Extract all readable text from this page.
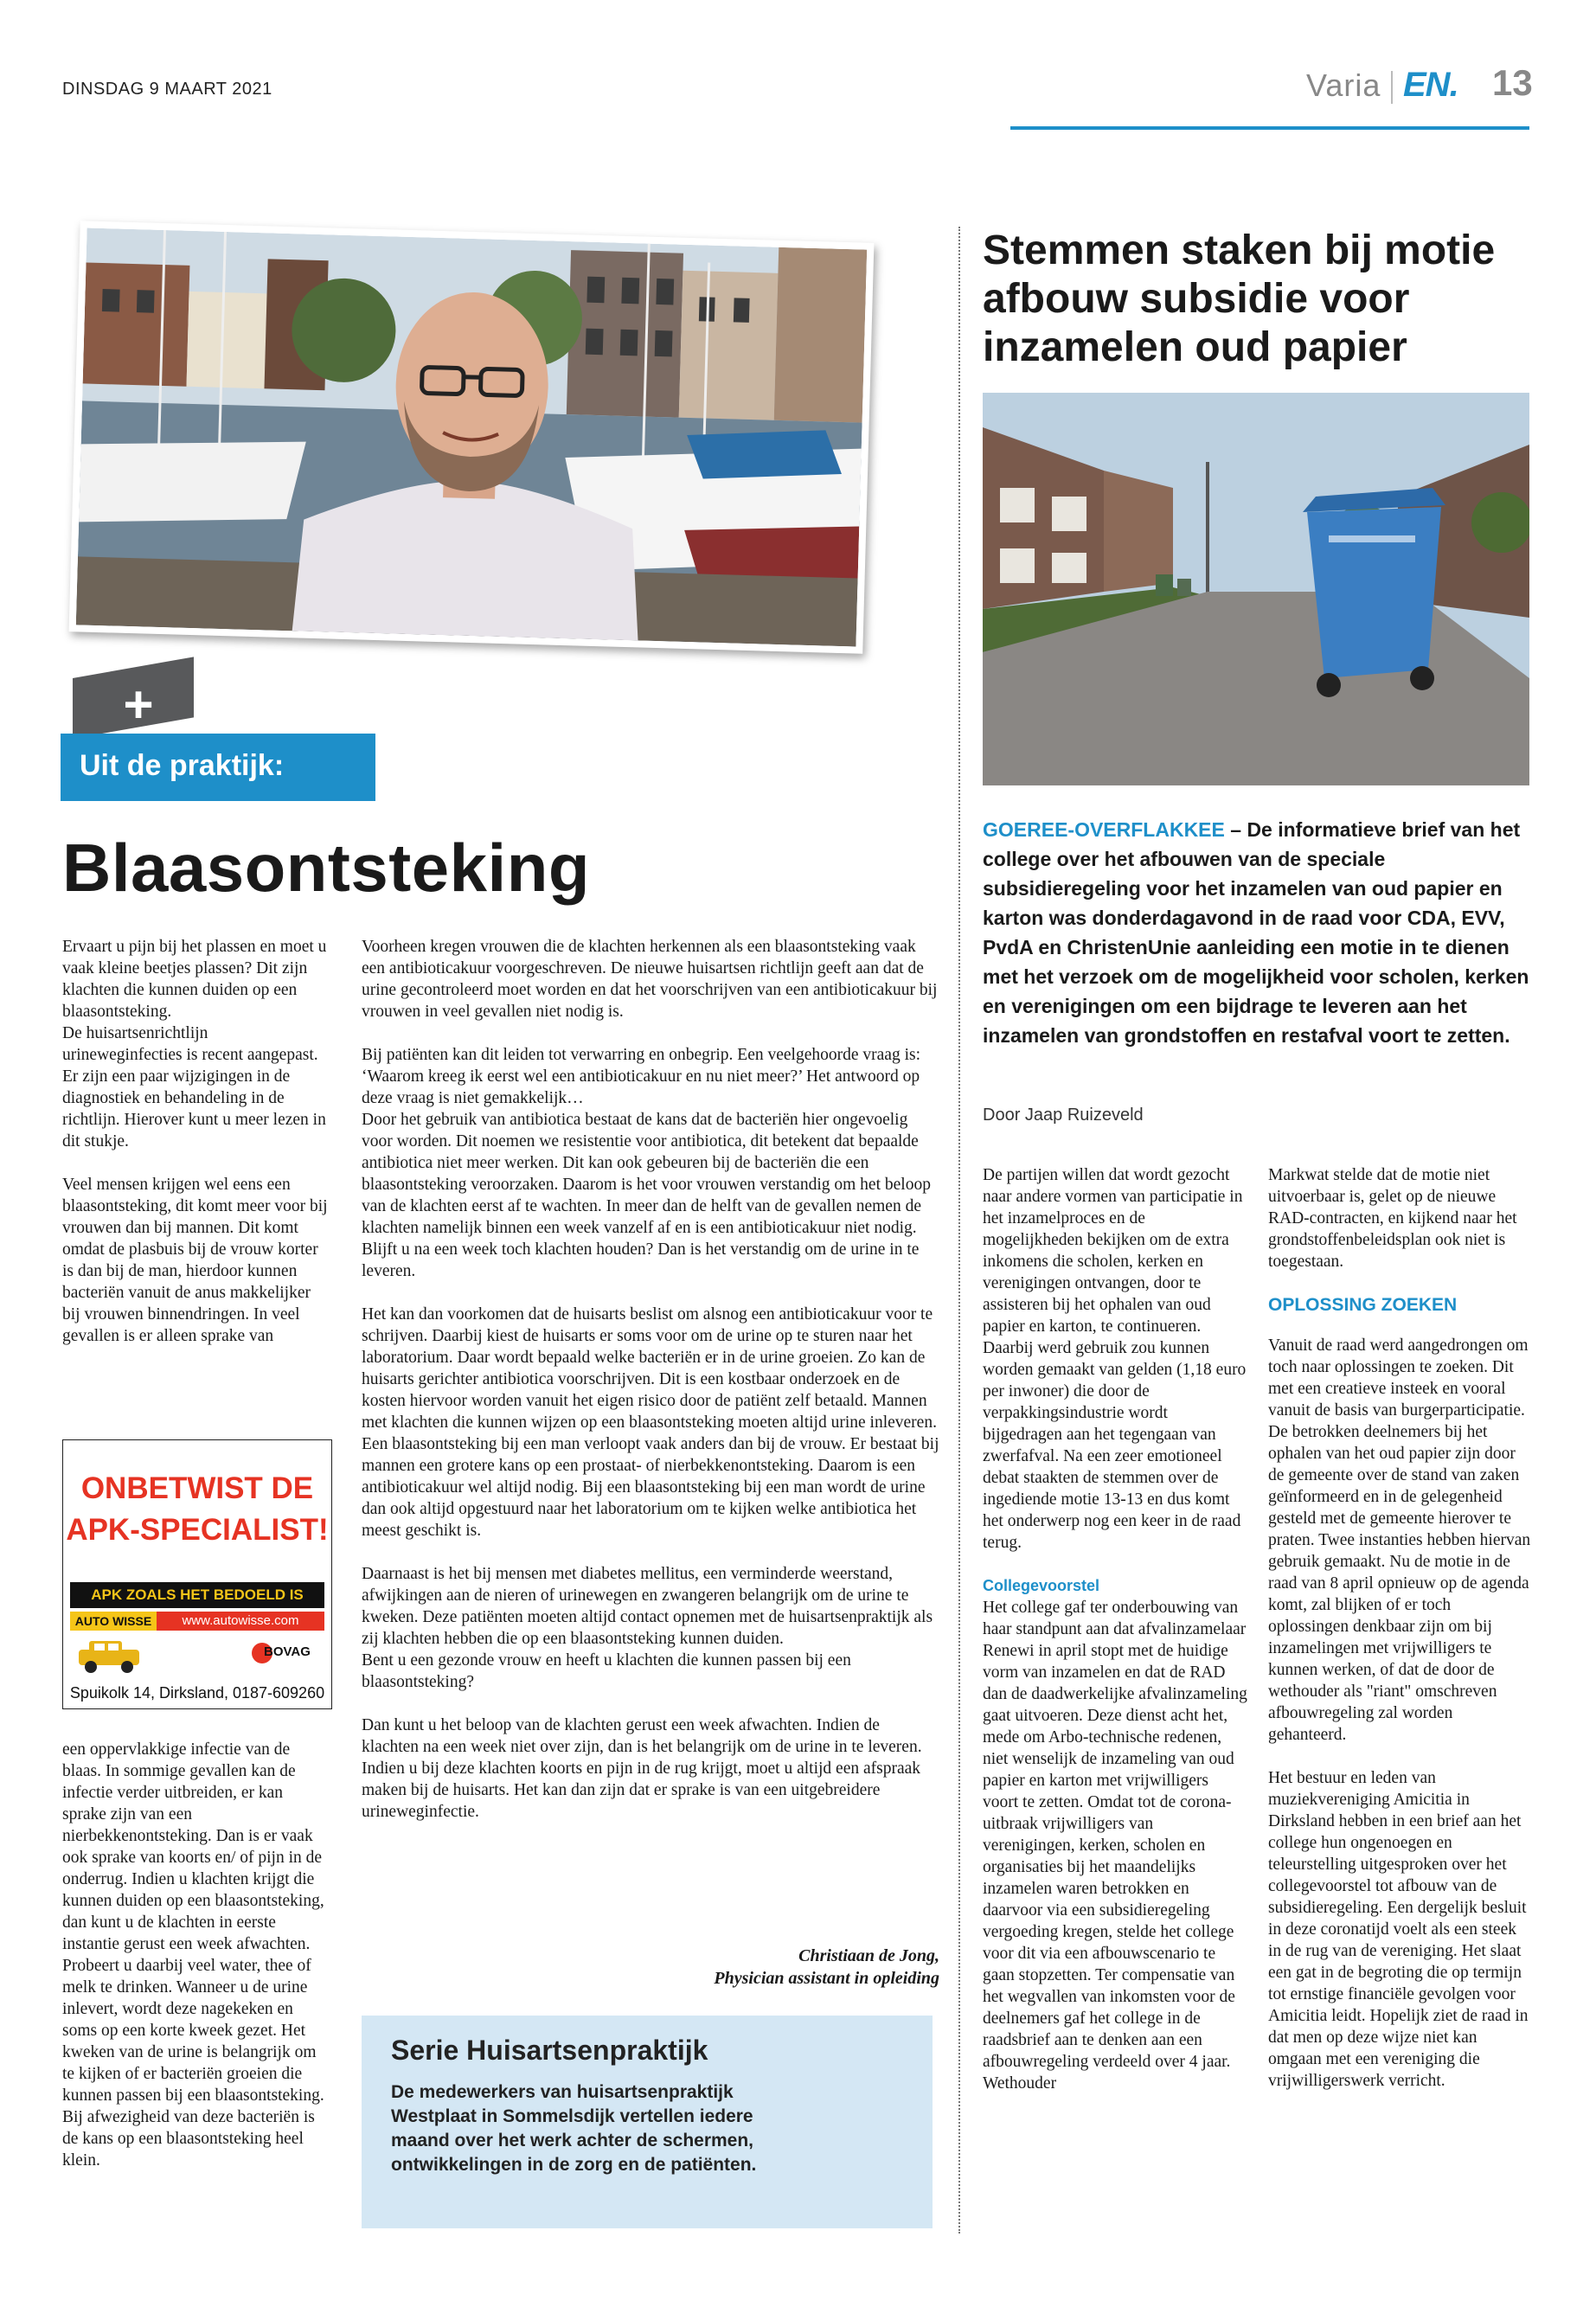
DINSDAG 9 MAART 2021	Varia EN. 13
+
Uit de praktijk:
Blaasontsteking

Ervaart u pijn bij het plassen en moet u vaak kleine beetjes plassen? Dit zijn klachten die kunnen duiden op een blaasontsteking.

De huisartsenrichtlijn urineweginfecties is recent aangepast. Er zijn een paar wijzigingen in de diagnostiek en behandeling in de richtlijn. Hierover kunt u meer lezen in dit stukje.

Veel mensen krijgen wel eens een blaasontsteking, dit komt meer voor bij vrouwen dan bij mannen. Dit komt omdat de plasbuis bij de vrouw korter is dan bij de man, hierdoor kunnen bacteriën vanuit de anus makkelijker bij vrouwen binnendringen. In veel gevallen is er alleen sprake van

ONBETWIST DE
APK-SPECIALIST!
APK ZOALS HET BEDOELD IS
AUTO WISSE	www.autowisse.com
BOVAG
Spuikolk 14, Dirksland, 0187-609260

een oppervlakkige infectie van de blaas. In sommige gevallen kan de infectie verder uitbreiden, er kan sprake zijn van een nierbekkenontsteking. Dan is er vaak ook sprake van koorts en/ of pijn in de onderrug. Indien u klachten krijgt die kunnen duiden op een blaasontsteking, dan kunt u de klachten in eerste instantie gerust een week afwachten. Probeert u daarbij veel water, thee of melk te drinken. Wanneer u de urine inlevert, wordt deze nagekeken en soms op een korte kweek gezet. Het kweken van de urine is belangrijk om te kijken of er bacteriën groeien die kunnen passen bij een blaasontsteking. Bij afwezigheid van deze bacteriën is de kans op een blaasontsteking heel klein.

Voorheen kregen vrouwen die de klachten herkennen als een blaasontsteking vaak een antibioticakuur voorgeschreven. De nieuwe huisartsen richtlijn geeft aan dat de urine gecontroleerd moet worden en dat het voorschrijven van een antibioticakuur bij vrouwen in veel gevallen niet nodig is.

Bij patiënten kan dit leiden tot verwarring en onbegrip. Een veelgehoorde vraag is: ‘Waarom kreeg ik eerst wel een antibioticakuur en nu niet meer?’ Het antwoord op deze vraag is niet gemakkelijk…

Door het gebruik van antibiotica bestaat de kans dat de bacteriën hier ongevoelig voor worden. Dit noemen we resistentie voor antibiotica, dit betekent dat bepaalde antibiotica niet meer werken. Dit kan ook gebeuren bij de bacteriën die een blaasontsteking veroorzaken. Daarom is het voor vrouwen verstandig om het beloop van de klachten eerst af te wachten. In meer dan de helft van de gevallen nemen de klachten namelijk binnen een week vanzelf af en is een antibioticakuur niet nodig. Blijft u na een week toch klachten houden? Dan is het verstandig om de urine in te leveren.

Het kan dan voorkomen dat de huisarts beslist om alsnog een antibioticakuur voor te schrijven. Daarbij kiest de huisarts er soms voor om de urine op te sturen naar het laboratorium. Daar wordt bepaald welke bacteriën er in de urine groeien. Zo kan de huisarts gerichter antibiotica voorschrijven. Dit is een kostbaar onderzoek en de kosten hiervoor worden vanuit het eigen risico door de patiënt zelf betaald. Mannen met klachten die kunnen wijzen op een blaasontsteking moeten altijd urine inleveren. Een blaasontsteking bij een man verloopt vaak anders dan bij de vrouw. Er bestaat bij mannen een grotere kans op een prostaat- of nierbekkenontsteking. Daarom is een antibioticakuur wel altijd nodig. Bij een blaasontsteking bij een man wordt de urine dan ook altijd opgestuurd naar het laboratorium om te kijken welke antibiotica het meest geschikt is.

Daarnaast is het bij mensen met diabetes mellitus, een verminderde weerstand, afwijkingen aan de nieren of urinewegen en zwangeren belangrijk om de urine te kweken. Deze patiënten moeten altijd contact opnemen met de huisartsenpraktijk als zij klachten hebben die op een blaasontsteking kunnen duiden.

Bent u een gezonde vrouw en heeft u klachten die kunnen passen bij een blaasontsteking?

Dan kunt u het beloop van de klachten gerust een week afwachten. Indien de klachten na een week niet over zijn, dan is het belangrijk om de urine in te leveren. Indien u bij deze klachten koorts en pijn in de rug krijgt, moet u altijd een afspraak maken bij de huisarts. Het kan dan zijn dat er sprake is van een uitgebreidere urineweginfectie.

Christiaan de Jong,
Physician assistant in opleiding
Serie Huisartsenpraktijk
De medewerkers van huisartsenpraktijk Westplaat in Sommelsdijk vertellen iedere maand over het werk achter de schermen, ontwikkelingen in de zorg en de patiënten.
Stemmen staken bij motie afbouw subsidie voor inzamelen oud papier
GOEREE-OVERFLAKKEE – De informatieve brief van het college over het afbouwen van de speciale subsidieregeling voor het inzamelen van oud papier en karton was donderdagavond in de raad voor CDA, EVV, PvdA en ChristenUnie aanleiding een motie in te dienen met het verzoek om de mogelijkheid voor scholen, kerken en verenigingen om een bijdrage te leveren aan het inzamelen van grondstoffen en restafval voort te zetten.
Door Jaap Ruizeveld

De partijen willen dat wordt gezocht naar andere vormen van participatie in het inzamelproces en de mogelijkheden bekijken om de extra inkomens die scholen, kerken en verenigingen ontvangen, door te assisteren bij het ophalen van oud papier en karton, te continueren. Daarbij werd gebruik zou kunnen worden gemaakt van gelden (1,18 euro per inwoner) die door de verpakkingsindustrie wordt bijgedragen aan het tegengaan van zwerfafval. Na een zeer emotioneel debat staakten de stemmen over de ingediende motie 13-13 en dus komt het onderwerp nog een keer in de raad terug.

Collegevoorstel

Het college gaf ter onderbouwing van haar standpunt aan dat afvalinzamelaar Renewi in april stopt met de huidige vorm van inzamelen en dat de RAD dan de daadwerkelijke afvalinzameling gaat uitvoeren. Deze dienst acht het, mede om Arbo-technische redenen, niet wenselijk de inzameling van oud papier en karton met vrijwilligers voort te zetten. Omdat tot de corona-uitbraak vrijwilligers van verenigingen, kerken, scholen en organisaties bij het maandelijks inzamelen waren betrokken en daarvoor via een subsidieregeling vergoeding kregen, stelde het college voor dit via een afbouwscenario te gaan stopzetten. Ter compensatie van het wegvallen van inkomsten voor de deelnemers gaf het college in de raadsbrief aan te denken aan een afbouwregeling verdeeld over 4 jaar. Wethouder

Markwat stelde dat de motie niet uitvoerbaar is, gelet op de nieuwe RAD-contracten, en kijkend naar het grondstoffenbeleidsplan ook niet is toegestaan.

OPLOSSING ZOEKEN

Vanuit de raad werd aangedrongen om toch naar oplossingen te zoeken. Dit met een creatieve insteek en vooral vanuit de basis van burgerparticipatie. De betrokken deelnemers bij het ophalen van het oud papier zijn door de gemeente over de stand van zaken geïnformeerd en in de gelegenheid gesteld met de gemeente hierover te praten. Twee instanties hebben hiervan gebruik gemaakt. Nu de motie in de raad van 8 april opnieuw op de agenda komt, zal blijken of er toch oplossingen denkbaar zijn om bij inzamelingen met vrijwilligers te kunnen werken, of dat de door de wethouder als "riant" omschreven afbouwregeling zal worden gehanteerd.

Het bestuur en leden van muziekvereniging Amicitia in Dirksland hebben in een brief aan het college hun ongenoegen en teleurstelling uitgesproken over het collegevoorstel tot afbouw van de subsidieregeling. Een dergelijk besluit in deze coronatijd voelt als een steek in de rug van de vereniging. Het slaat een gat in de begroting die op termijn tot ernstige financiële gevolgen voor Amicitia leidt. Hopelijk ziet de raad in dat men op deze wijze niet kan omgaan met een vereniging die vrijwilligerswerk verricht.
